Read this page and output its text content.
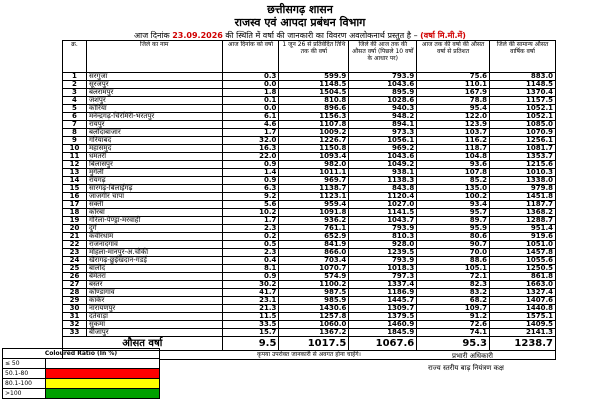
छत्तीसगढ़ शासन
राजस्व एवं आपदा प्रबंधन विभाग
आज दिनांक 23.09.2026 की स्थिति में वर्षा की जानकारी का विवरण अवलोकनार्थ प्रस्तुत है – (वर्षा मि.मी.में)
क्र.	जिले का नाम	आज दिनांक को वर्षा	1 जून 26 से प्रतिवेदित तिथि तक की वर्षा	जिले की आज तक की औसत वर्षा (पिछले 10 वर्षों के आधार पर)	आज तक की वर्षा की औसत वर्षा से प्रतिशत	जिले की सामान्य औसत वार्षिक वर्षा
1	सरगुजा	0.3	599.9	793.9	75.6	883.0
2	सूरजपुर	0.0	1148.5	1043.6	110.1	1148.5
3	बलरामपुर	1.8	1504.5	895.9	167.9	1370.4
4	जशपुर	0.1	810.8	1028.6	78.8	1157.5
5	कोरिया	0.0	896.6	940.3	95.4	1052.1
6	मनेन्द्रगढ़-चिरमिरी-भरतपुर	6.1	1156.3	948.2	122.0	1052.1
7	रायपुर	4.6	1107.8	894.1	123.9	1085.0
8	बलौदाबाजार	1.7	1009.2	973.3	103.7	1070.9
9	गरियाबंद	32.0	1226.7	1056.1	116.2	1256.1
10	महासमुंद	16.3	1150.8	969.2	118.7	1081.7
11	धमतरी	22.0	1093.4	1043.6	104.8	1353.7
12	बिलासपुर	0.9	982.0	1049.2	93.6	1215.6
13	मुंगेली	1.4	1011.1	938.1	107.8	1010.3
14	रायगढ़	0.9	969.7	1138.3	85.2	1338.0
15	सारंगढ़-बिलाईगढ़	6.3	1138.7	843.8	135.0	979.8
16	जांजगीर चांपा	9.2	1123.1	1120.4	100.2	1451.8
17	सक्ती	5.6	959.4	1027.0	93.4	1187.7
18	कोरबा	10.2	1091.8	1141.5	95.7	1368.2
19	गौरेला-पेण्ड्रा-मरवाही	1.7	936.2	1043.7	89.7	1288.7
20	दुर्ग	2.3	761.1	793.9	95.9	951.4
21	कवीरधाम	0.2	652.9	810.3	80.6	919.6
22	राजनांदगांव	0.5	841.9	928.0	90.7	1051.0
23	मोहला-मानपुर-अं.चौकी	2.3	866.0	1239.5	70.0	1457.8
24	खैरागढ़-छुईखदान-गंडई	0.4	703.4	793.9	88.6	1055.6
25	बालोद	8.1	1070.7	1018.3	105.1	1250.5
26	बेमेतरा	0.9	574.9	797.3	72.1	861.8
27	बस्तर	30.2	1100.2	1337.4	82.3	1663.0
28	कोण्डागांव	41.7	987.5	1186.9	83.2	1327.4
29	कांकेर	23.1	985.9	1445.7	68.2	1407.6
30	नारायणपुर	21.3	1430.6	1309.7	109.7	1440.8
31	दंतेवाड़ा	11.5	1257.8	1379.5	91.2	1575.1
32	सुकमा	33.5	1060.0	1460.9	72.6	1409.5
33	बीजापुर	15.7	1367.2	1845.9	74.1	2141.3
औसत वर्षा		9.5	1017.5	1067.6	95.3	1238.7
कृपया उपरोक्त जानकारी से अवगत होना चाहेंगे।						
Coloured Ratio (In %)	
≤ 50	
50.1-80	
80.1-100	
>100	
प्रभारी अधिकारी
राज्य स्तरीय बाढ़ नियंत्रण कक्ष
